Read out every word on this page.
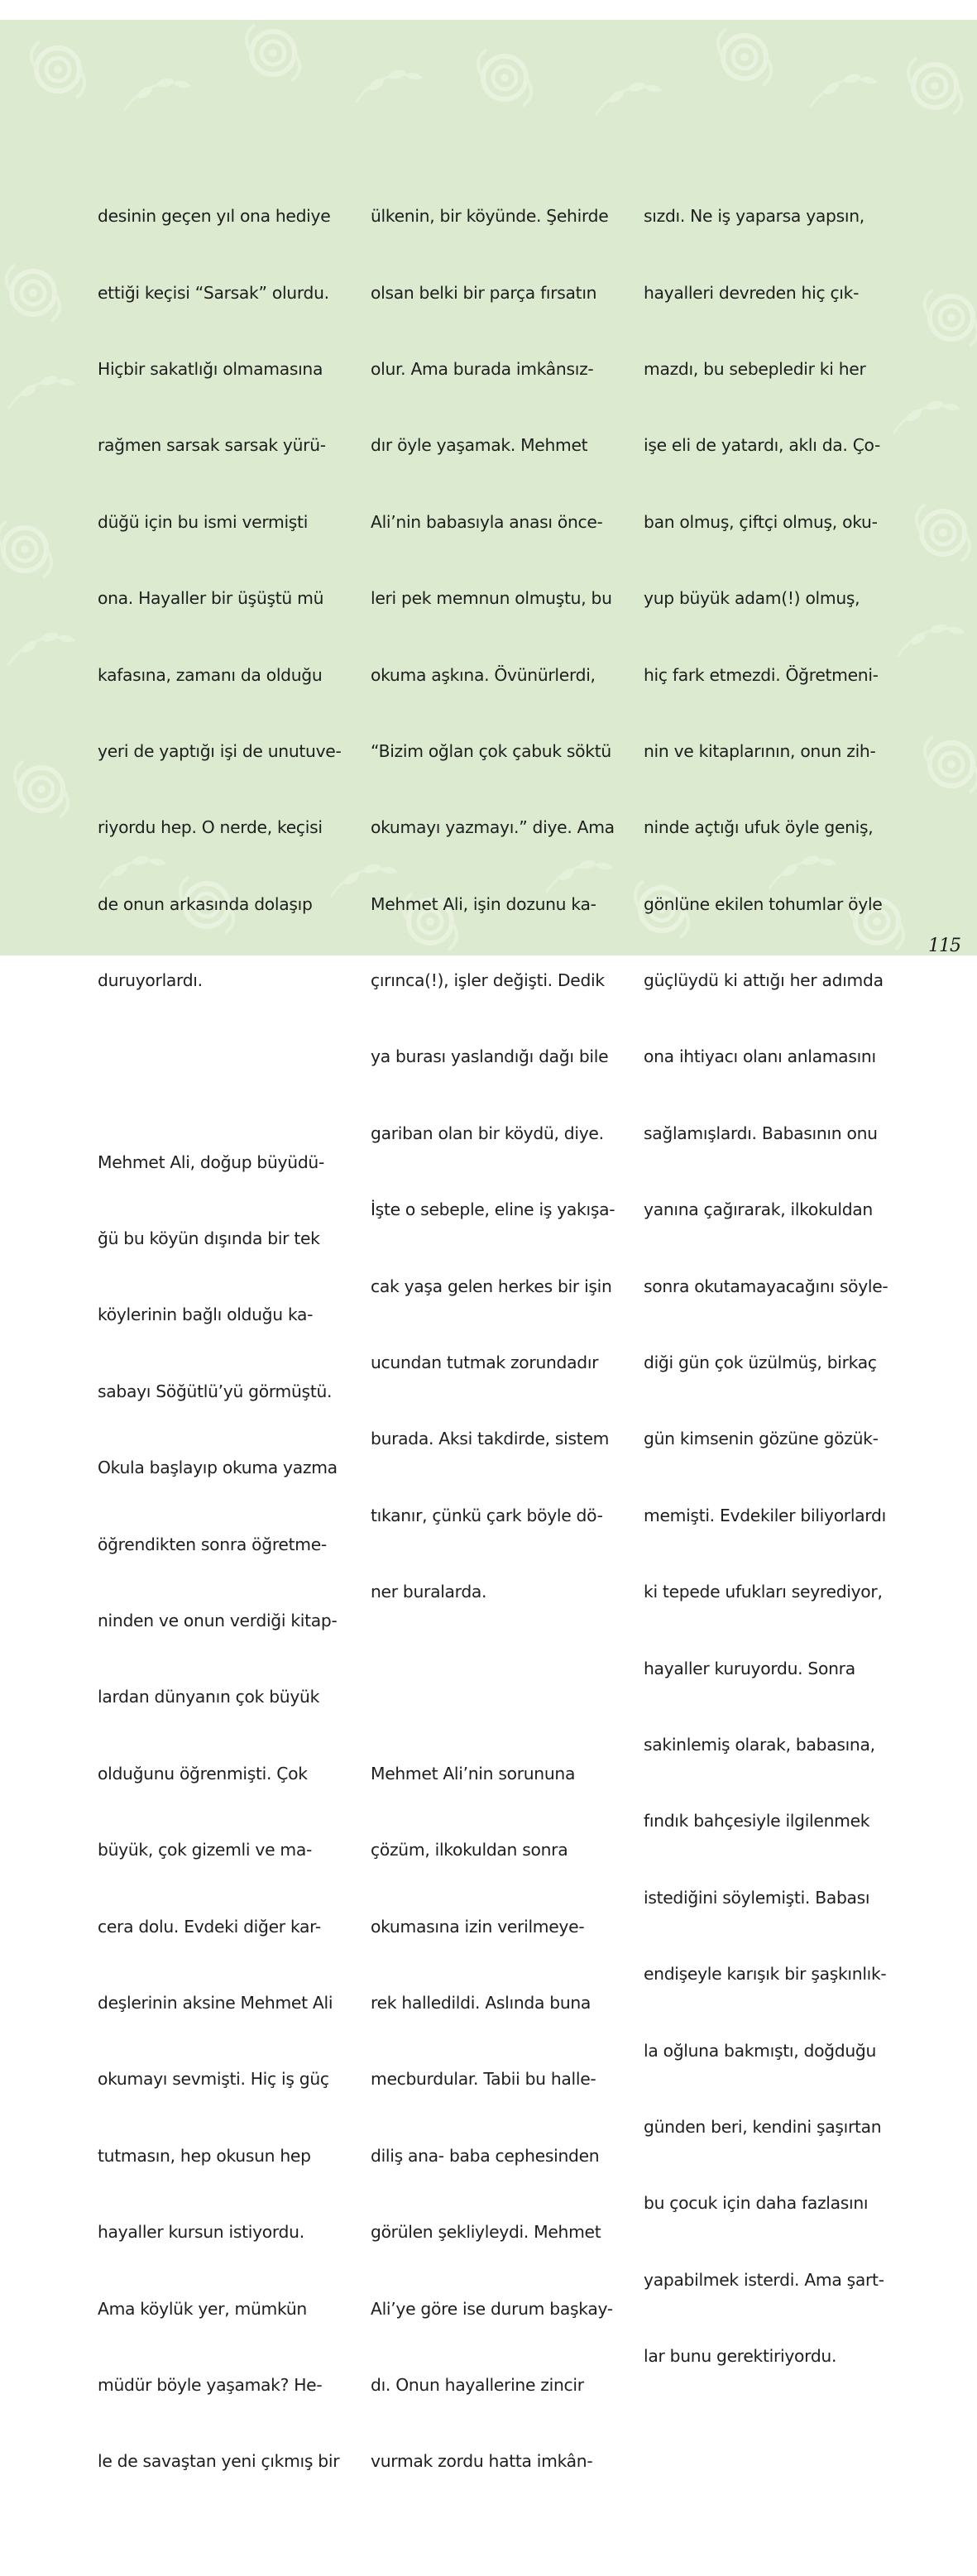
desinin geçen yıl ona hediye

ettiği keçisi “Sarsak” olurdu.

Hiçbir sakatlığı olmamasına

rağmen sarsak sarsak yürü-

düğü için bu ismi vermişti

ona. Hayaller bir üşüştü mü

kafasına, zamanı da olduğu

yeri de yaptığı işi de unutuve-

riyordu hep. O nerde, keçisi

de onun arkasında dolaşıp

duruyorlardı.

Mehmet Ali, doğup büyüdü-

ğü bu köyün dışında bir tek

köylerinin bağlı olduğu ka-

sabayı Söğütlü’yü görmüştü.

Okula başlayıp okuma yazma

öğrendikten sonra öğretme-

ninden ve onun verdiği kitap-

lardan dünyanın çok büyük

olduğunu öğrenmişti. Çok

büyük, çok gizemli ve ma-

cera dolu. Evdeki diğer kar-

deşlerinin aksine Mehmet Ali

okumayı sevmişti. Hiç iş güç

tutmasın, hep okusun hep

hayaller kursun istiyordu.

Ama köylük yer, mümkün

müdür böyle yaşamak? He-

le de savaştan yeni çıkmış bir

ülkenin, bir köyünde. Şehirde

olsan belki bir parça fırsatın

olur. Ama burada imkânsız-

dır öyle yaşamak. Mehmet

Ali’nin babasıyla anası önce-

leri pek memnun olmuştu, bu

okuma aşkına. Övünürlerdi,

“Bizim oğlan çok çabuk söktü

okumayı yazmayı.” diye. Ama

Mehmet Ali, işin dozunu ka-

çırınca(!), işler değişti. Dedik

ya burası yaslandığı dağı bile

gariban olan bir köydü, diye.

İşte o sebeple, eline iş yakışa-

cak yaşa gelen herkes bir işin

ucundan tutmak zorundadır

burada. Aksi takdirde, sistem

tıkanır, çünkü çark böyle dö-

ner buralarda.

Mehmet Ali’nin sorununa

çözüm, ilkokuldan sonra

okumasına izin verilmeye-

rek halledildi. Aslında buna

mecburdular. Tabii bu halle-

diliş ana- baba cephesinden

görülen şekliyleydi. Mehmet

Ali’ye göre ise durum başkay-

dı. Onun hayallerine zincir

vurmak zordu hatta imkân-

sızdı. Ne iş yaparsa yapsın,

hayalleri devreden hiç çık-

mazdı, bu sebepledir ki her

işe eli de yatardı, aklı da. Ço-

ban olmuş, çiftçi olmuş, oku-

yup büyük adam(!) olmuş,

hiç fark etmezdi. Öğretmeni-

nin ve kitaplarının, onun zih-

ninde açtığı ufuk öyle geniş,

gönlüne ekilen tohumlar öyle

güçlüydü ki attığı her adımda

ona ihtiyacı olanı anlamasını

sağlamışlardı. Babasının onu

yanına çağırarak, ilkokuldan

sonra okutamayacağını söyle-

diği gün çok üzülmüş, birkaç

gün kimsenin gözüne gözük-

memişti. Evdekiler biliyorlardı

ki tepede ufukları seyrediyor,

hayaller kuruyordu. Sonra

sakinlemiş olarak, babasına,

fındık bahçesiyle ilgilenmek

istediğini söylemişti. Babası

endişeyle karışık bir şaşkınlık-

la oğluna bakmıştı, doğduğu

günden beri, kendini şaşırtan

bu çocuk için daha fazlasını

yapabilmek isterdi. Ama şart-

lar bunu gerektiriyordu.

115
